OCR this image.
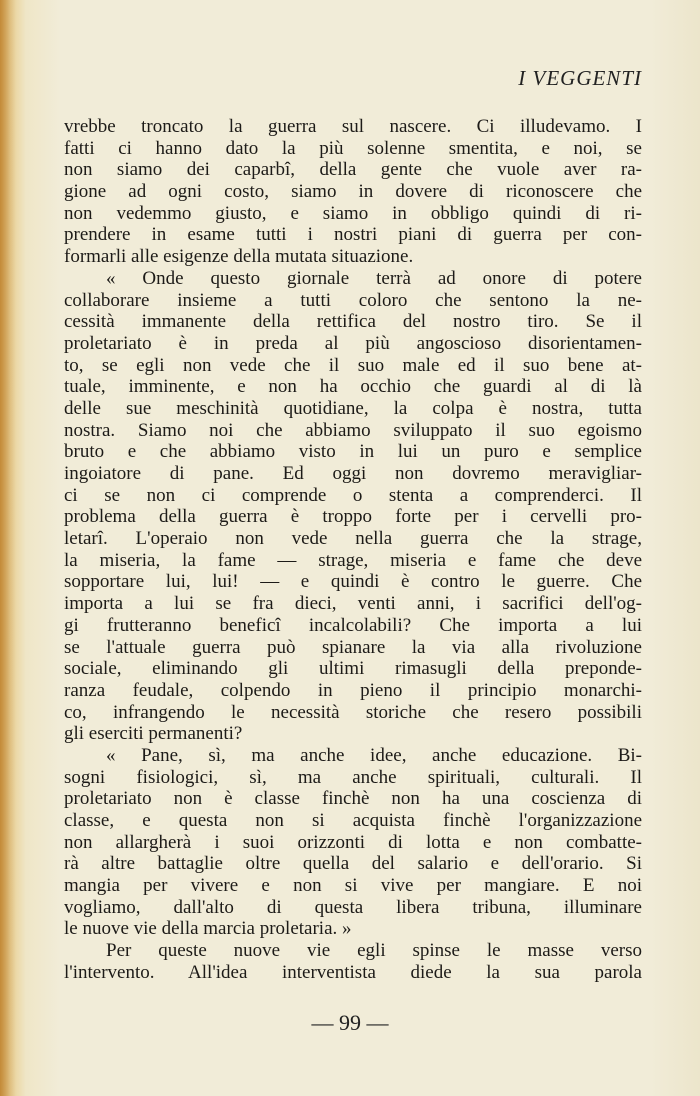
I VEGGENTI
vrebbe troncato la guerra sul nascere. Ci illudevamo. I
fatti ci hanno dato la più solenne smentita, e noi, se
non siamo dei caparbî, della gente che vuole aver ra-
gione ad ogni costo, siamo in dovere di riconoscere che
non vedemmo giusto, e siamo in obbligo quindi di ri-
prendere in esame tutti i nostri piani di guerra per con-
formarli alle esigenze della mutata situazione.
« Onde questo giornale terrà ad onore di potere
collaborare insieme a tutti coloro che sentono la ne-
cessità immanente della rettifica del nostro tiro. Se il
proletariato è in preda al più angoscioso disorientamen-
to, se egli non vede che il suo male ed il suo bene at-
tuale, imminente, e non ha occhio che guardi al di là
delle sue meschinità quotidiane, la colpa è nostra, tutta
nostra. Siamo noi che abbiamo sviluppato il suo egoismo
bruto e che abbiamo visto in lui un puro e semplice
ingoiatore di pane. Ed oggi non dovremo meravigliar-
ci se non ci comprende o stenta a comprenderci. Il
problema della guerra è troppo forte per i cervelli pro-
letarî. L'operaio non vede nella guerra che la strage,
la miseria, la fame — strage, miseria e fame che deve
sopportare lui, lui! — e quindi è contro le guerre. Che
importa a lui se fra dieci, venti anni, i sacrifici dell'og-
gi frutteranno beneficî incalcolabili? Che importa a lui
se l'attuale guerra può spianare la via alla rivoluzione
sociale, eliminando gli ultimi rimasugli della preponde-
ranza feudale, colpendo in pieno il principio monarchi-
co, infrangendo le necessità storiche che resero possibili
gli eserciti permanenti?
« Pane, sì, ma anche idee, anche educazione. Bi-
sogni fisiologici, sì, ma anche spirituali, culturali. Il
proletariato non è classe finchè non ha una coscienza di
classe, e questa non si acquista finchè l'organizzazione
non allargherà i suoi orizzonti di lotta e non combatte-
rà altre battaglie oltre quella del salario e dell'orario. Si
mangia per vivere e non si vive per mangiare. E noi
vogliamo, dall'alto di questa libera tribuna, illuminare
le nuove vie della marcia proletaria. »
Per queste nuove vie egli spinse le masse verso
l'intervento. All'idea interventista diede la sua parola
— 99 —
